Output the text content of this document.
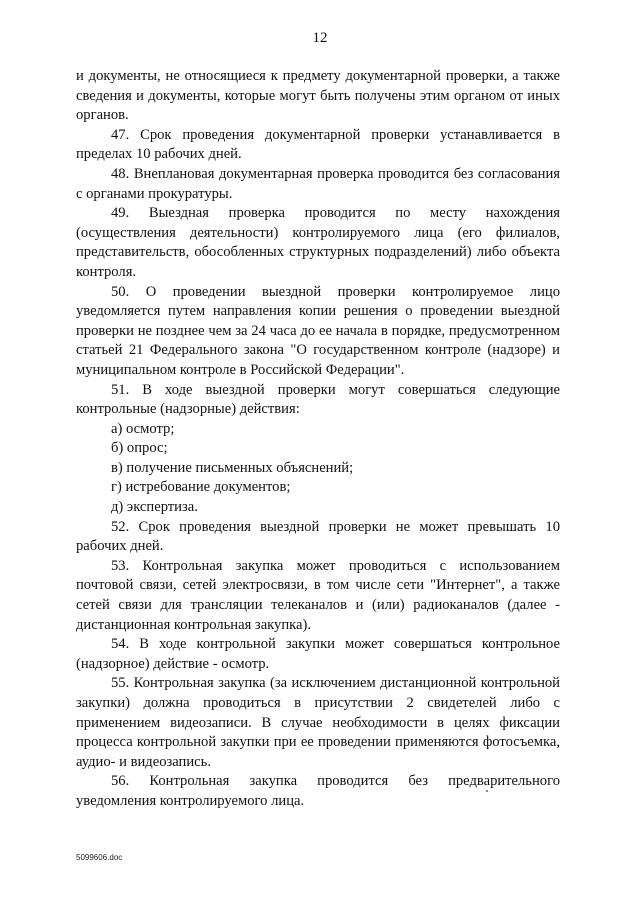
12

и документы, не относящиеся к предмету документарной проверки, а также сведения и документы, которые могут быть получены этим органом от иных органов.

47. Срок проведения документарной проверки устанавливается в пределах 10 рабочих дней.

48. Внеплановая документарная проверка проводится без согласования с органами прокуратуры.

49. Выездная проверка проводится по месту нахождения (осуществления деятельности) контролируемого лица (его филиалов, представительств, обособленных структурных подразделений) либо объекта контроля.

50. О проведении выездной проверки контролируемое лицо уведомляется путем направления копии решения о проведении выездной проверки не позднее чем за 24 часа до ее начала в порядке, предусмотренном статьей 21 Федерального закона "О государственном контроле (надзоре) и муниципальном контроле в Российской Федерации".

51. В ходе выездной проверки могут совершаться следующие контрольные (надзорные) действия:

а) осмотр;

б) опрос;

в) получение письменных объяснений;

г) истребование документов;

д) экспертиза.

52. Срок проведения выездной проверки не может превышать 10 рабочих дней.

53. Контрольная закупка может проводиться с использованием почтовой связи, сетей электросвязи, в том числе сети "Интернет", а также сетей связи для трансляции телеканалов и (или) радиоканалов (далее - дистанционная контрольная закупка).

54. В ходе контрольной закупки может совершаться контрольное (надзорное) действие - осмотр.

55. Контрольная закупка (за исключением дистанционной контрольной закупки) должна проводиться в присутствии 2 свидетелей либо с применением видеозаписи. В случае необходимости в целях фиксации процесса контрольной закупки при ее проведении применяются фотосъемка, аудио- и видеозапись.

56. Контрольная закупка проводится без предварительного уведомления контролируемого лица.

5099606.doc
